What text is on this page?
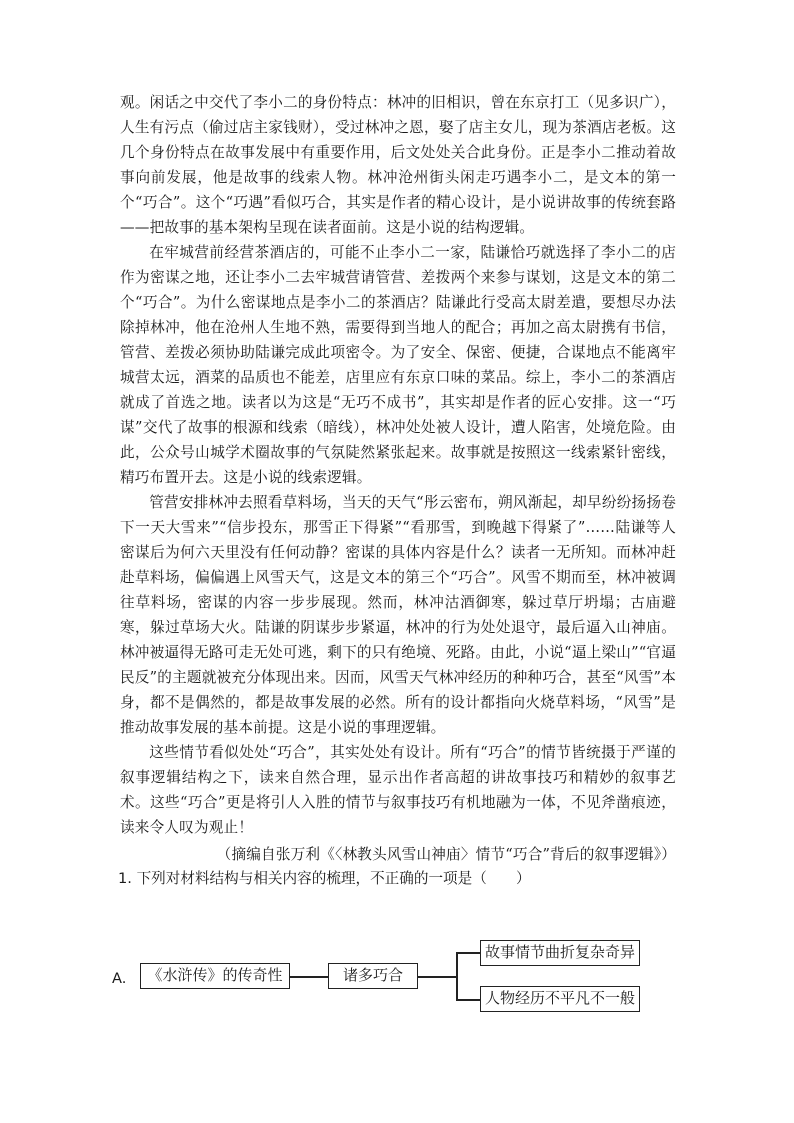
观。闲话之中交代了李小二的身份特点：林冲的旧相识，曾在东京打工（见多识广），人生有污点（偷过店主家钱财），受过林冲之恩，娶了店主女儿，现为茶酒店老板。这几个身份特点在故事发展中有重要作用，后文处处关合此身份。正是李小二推动着故事向前发展，他是故事的线索人物。林冲沧州街头闲走巧遇李小二，是文本的第一个“巧合”。这个“巧遇”看似巧合，其实是作者的精心设计，是小说讲故事的传统套路——把故事的基本架构呈现在读者面前。这是小说的结构逻辑。

在牢城营前经营茶酒店的，可能不止李小二一家，陆谦恰巧就选择了李小二的店作为密谋之地，还让李小二去牢城营请管营、差拨两个来参与谋划，这是文本的第二个“巧合”。为什么密谋地点是李小二的茶酒店？陆谦此行受高太尉差遣，要想尽办法除掉林冲，他在沧州人生地不熟，需要得到当地人的配合；再加之高太尉携有书信，管营、差拨必须协助陆谦完成此项密令。为了安全、保密、便捷，合谋地点不能离牢城营太远，酒菜的品质也不能差，店里应有东京口味的菜品。综上，李小二的茶酒店就成了首选之地。读者以为这是“无巧不成书”，其实却是作者的匠心安排。这一“巧谋”交代了故事的根源和线索（暗线），林冲处处被人设计，遭人陷害，处境危险。由此，公众号山城学术圈故事的气氛陡然紧张起来。故事就是按照这一线索紧针密线，精巧布置开去。这是小说的线索逻辑。

管营安排林冲去照看草料场，当天的天气“彤云密布，朔风渐起，却早纷纷扬扬卷下一天大雪来”“信步投东，那雪正下得紧”“看那雪，到晚越下得紧了”……陆谦等人密谋后为何六天里没有任何动静？密谋的具体内容是什么？读者一无所知。而林冲赶赴草料场，偏偏遇上风雪天气，这是文本的第三个“巧合”。风雪不期而至，林冲被调往草料场，密谋的内容一步步展现。然而，林冲沽酒御寒，躲过草厅坍塌；古庙避寒，躲过草场大火。陆谦的阴谋步步紧逼，林冲的行为处处退守，最后逼入山神庙。林冲被逼得无路可走无处可逃，剩下的只有绝境、死路。由此，小说“逼上梁山”“官逼民反”的主题就被充分体现出来。因而，风雪天气林冲经历的种种巧合，甚至“风雪”本身，都不是偶然的，都是故事发展的必然。所有的设计都指向火烧草料场，“风雪”是推动故事发展的基本前提。这是小说的事理逻辑。

这些情节看似处处“巧合”，其实处处有设计。所有“巧合”的情节皆统摄于严谨的叙事逻辑结构之下，读来自然合理，显示出作者高超的讲故事技巧和精妙的叙事艺术。这些“巧合”更是将引人入胜的情节与叙事技巧有机地融为一体，不见斧凿痕迹，读来令人叹为观止！

（摘编自张万利《〈林教头风雪山神庙〉情节“巧合”背后的叙事逻辑》）

1. 下列对材料结构与相关内容的梳理，不正确的一项是（　　）

A.	《水浒传》的传奇性	诸多巧合
故事情节曲折复杂奇异
人物经历不平凡不一般
